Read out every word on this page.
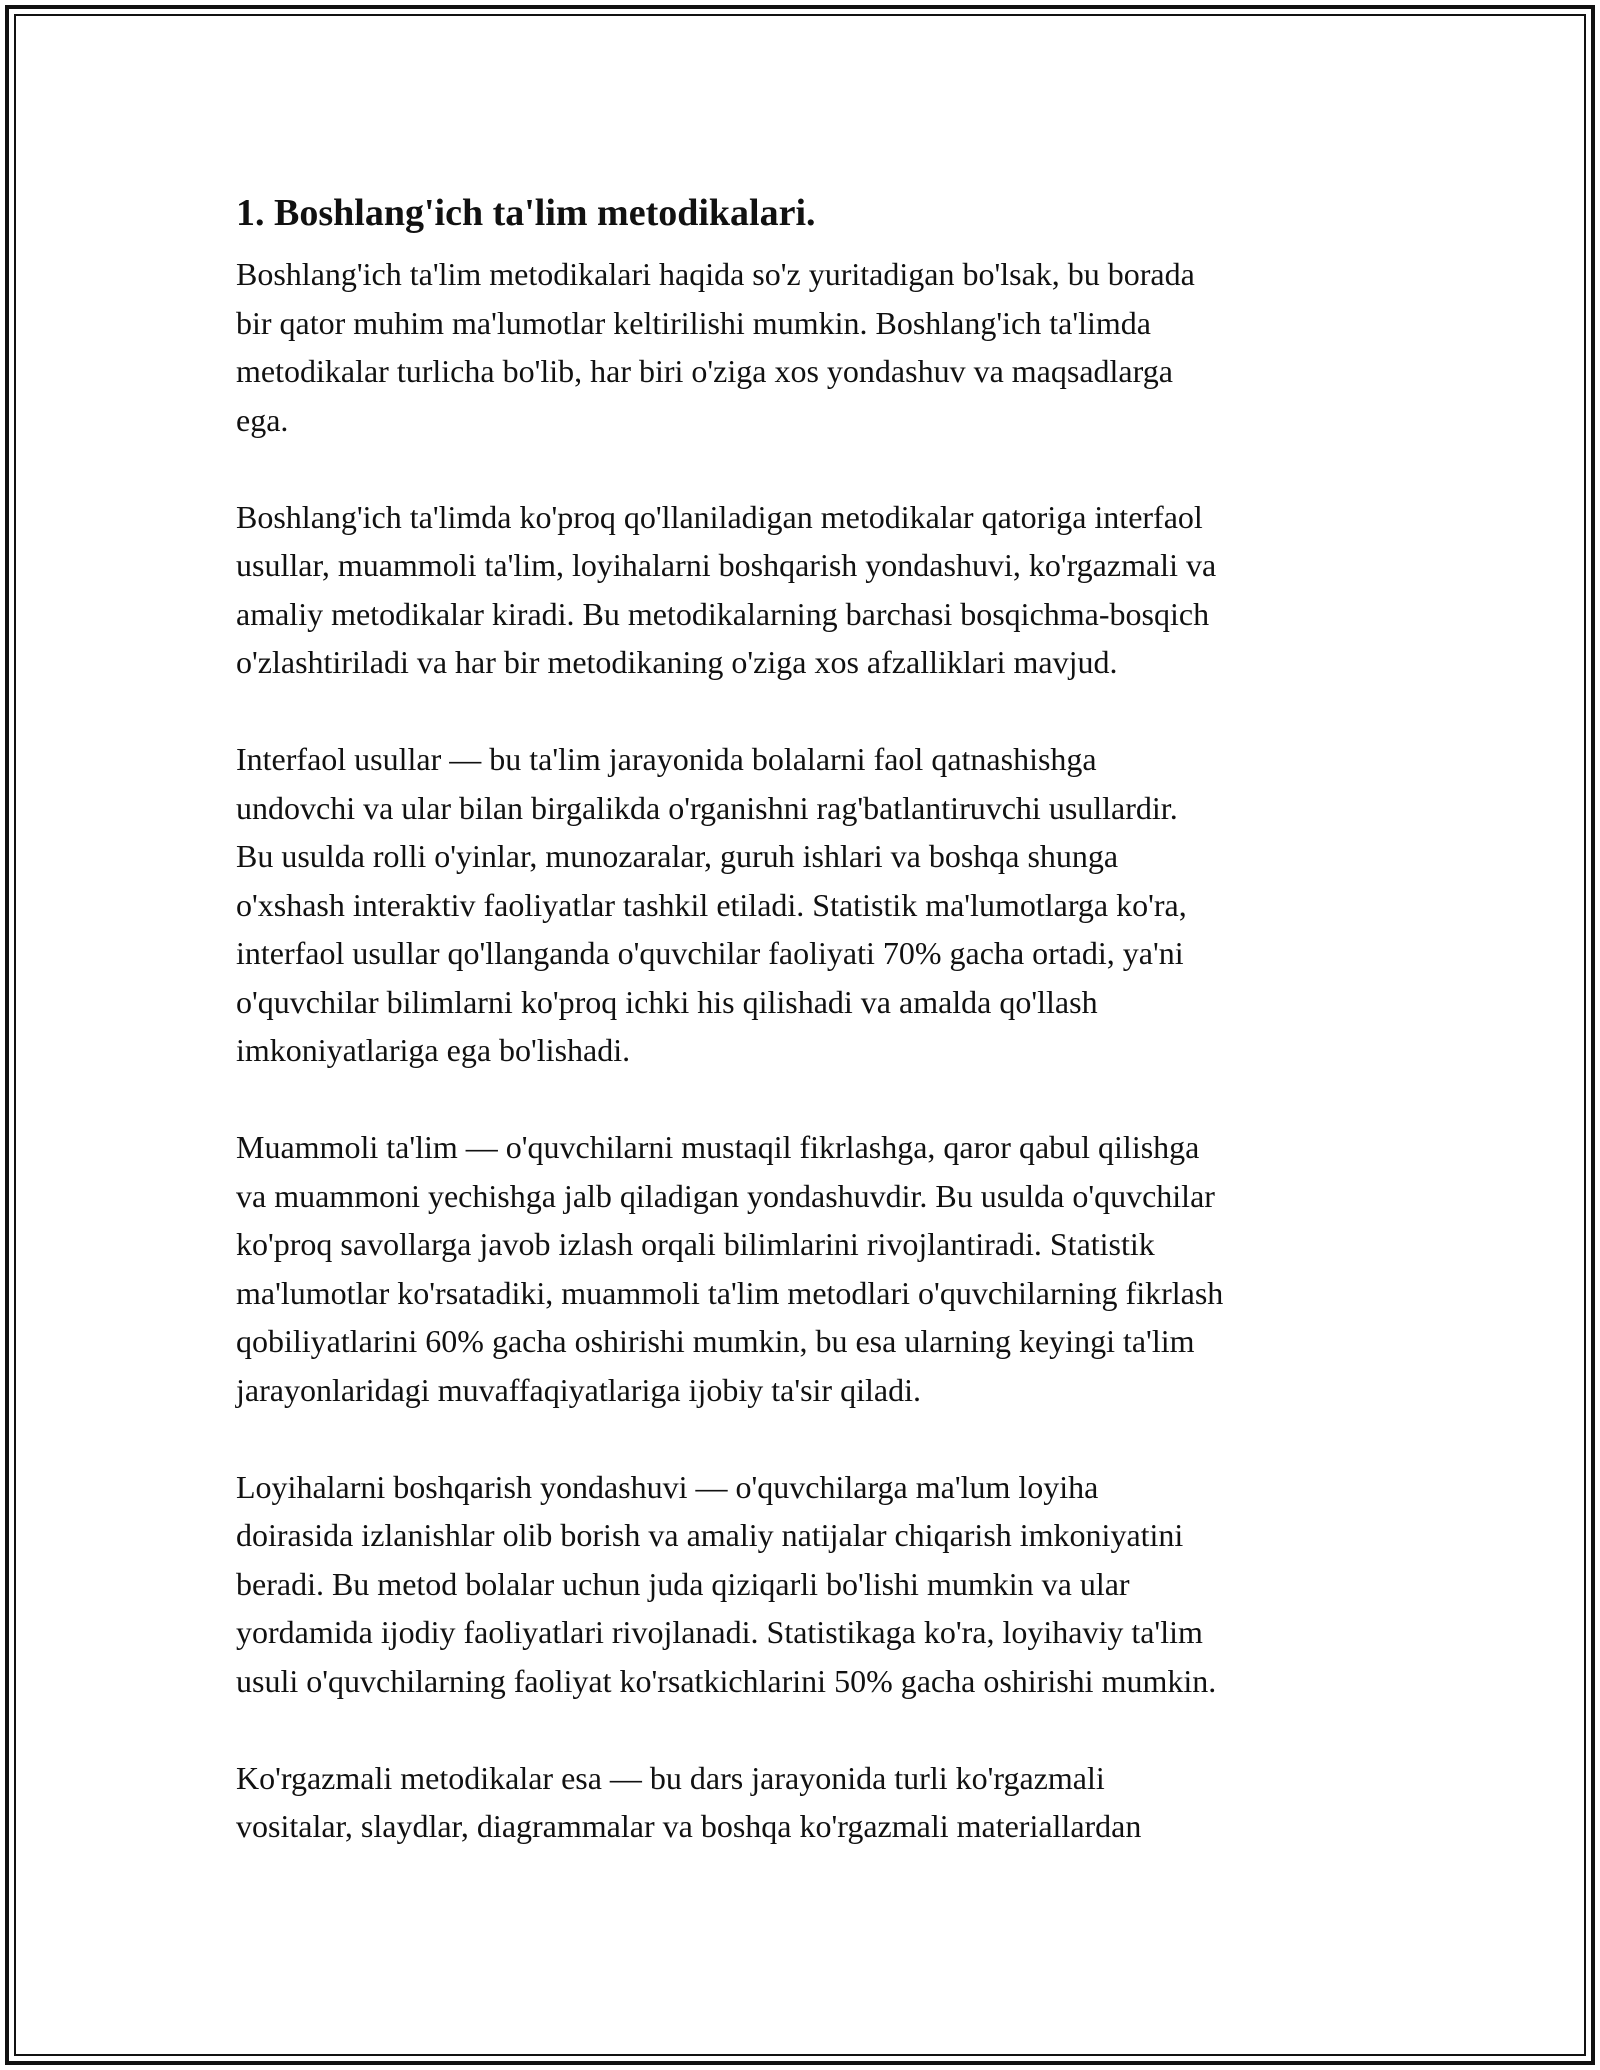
1. Boshlang'ich ta'lim metodikalari.
Boshlang'ich ta'lim metodikalari haqida so'z yuritadigan bo'lsak, bu borada
bir qator muhim ma'lumotlar keltirilishi mumkin. Boshlang'ich ta'limda
metodikalar turlicha bo'lib, har biri o'ziga xos yondashuv va maqsadlarga
ega.
Boshlang'ich ta'limda ko'proq qo'llaniladigan metodikalar qatoriga interfaol
usullar, muammoli ta'lim, loyihalarni boshqarish yondashuvi, ko'rgazmali va
amaliy metodikalar kiradi. Bu metodikalarning barchasi bosqichma-bosqich
o'zlashtiriladi va har bir metodikaning o'ziga xos afzalliklari mavjud.
Interfaol usullar — bu ta'lim jarayonida bolalarni faol qatnashishga
undovchi va ular bilan birgalikda o'rganishni rag'batlantiruvchi usullardir.
Bu usulda rolli o'yinlar, munozaralar, guruh ishlari va boshqa shunga
o'xshash interaktiv faoliyatlar tashkil etiladi. Statistik ma'lumotlarga ko'ra,
interfaol usullar qo'llanganda o'quvchilar faoliyati 70% gacha ortadi, ya'ni
o'quvchilar bilimlarni ko'proq ichki his qilishadi va amalda qo'llash
imkoniyatlariga ega bo'lishadi.
Muammoli ta'lim — o'quvchilarni mustaqil fikrlashga, qaror qabul qilishga
va muammoni yechishga jalb qiladigan yondashuvdir. Bu usulda o'quvchilar
ko'proq savollarga javob izlash orqali bilimlarini rivojlantiradi. Statistik
ma'lumotlar ko'rsatadiki, muammoli ta'lim metodlari o'quvchilarning fikrlash
qobiliyatlarini 60% gacha oshirishi mumkin, bu esa ularning keyingi ta'lim
jarayonlaridagi muvaffaqiyatlariga ijobiy ta'sir qiladi.
Loyihalarni boshqarish yondashuvi — o'quvchilarga ma'lum loyiha
doirasida izlanishlar olib borish va amaliy natijalar chiqarish imkoniyatini
beradi. Bu metod bolalar uchun juda qiziqarli bo'lishi mumkin va ular
yordamida ijodiy faoliyatlari rivojlanadi. Statistikaga ko'ra, loyihaviy ta'lim
usuli o'quvchilarning faoliyat ko'rsatkichlarini 50% gacha oshirishi mumkin.
Ko'rgazmali metodikalar esa — bu dars jarayonida turli ko'rgazmali
vositalar, slaydlar, diagrammalar va boshqa ko'rgazmali materiallardan
